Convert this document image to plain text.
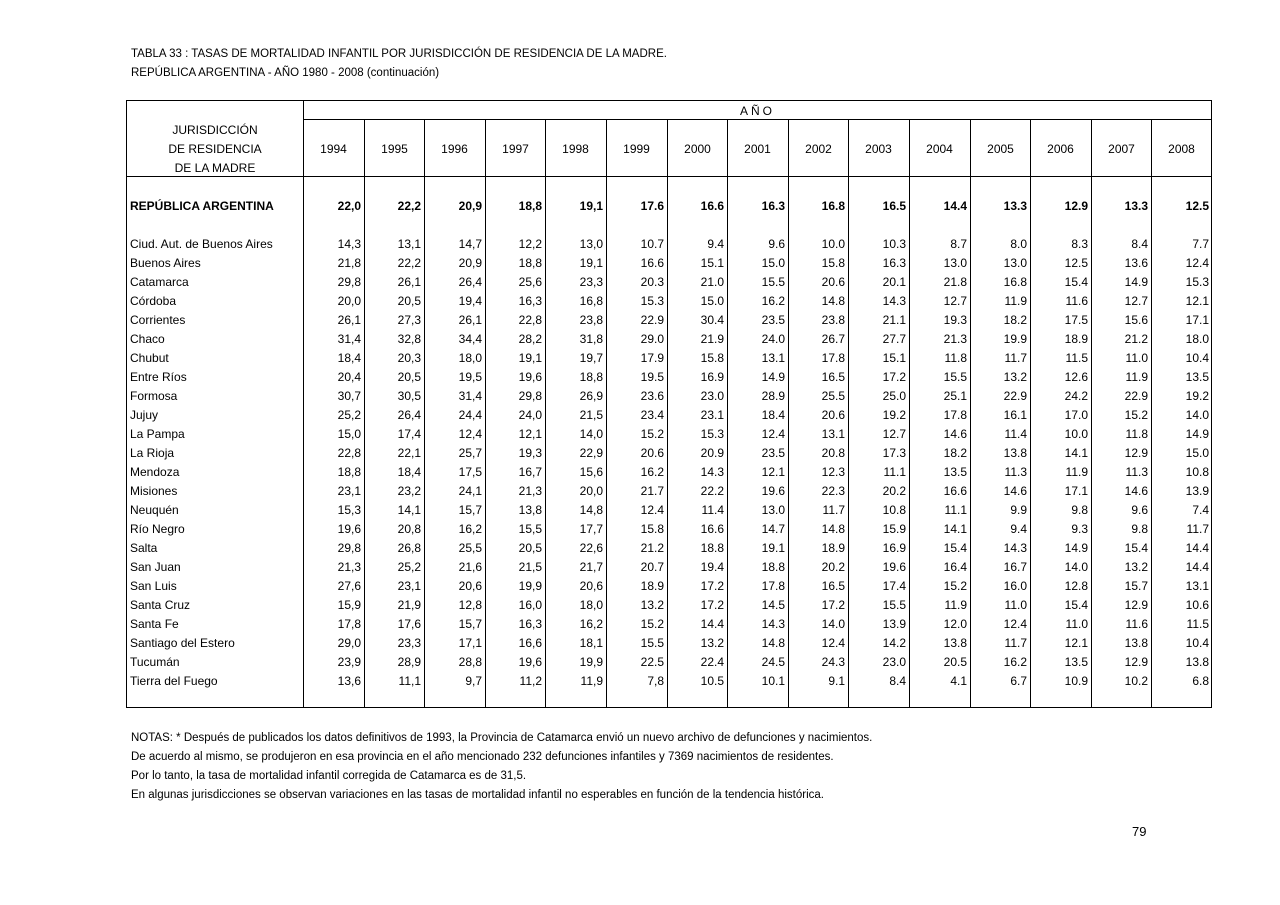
TABLA 33 : TASAS DE MORTALIDAD INFANTIL POR JURISDICCIÓN DE RESIDENCIA DE LA MADRE.
REPÚBLICA ARGENTINA - AÑO 1980 - 2008 (continuación)
AÑO
JURISDICCIÓN
DE RESIDENCIA
DE LA MADRE
NOTAS: * Después de publicados los datos definitivos de 1993, la Provincia de Catamarca envió un nuevo archivo de defunciones y nacimientos.
De acuerdo al mismo, se produjeron en esa provincia en el año mencionado 232 defunciones infantiles y 7369 nacimientos de residentes.
Por lo tanto, la tasa de mortalidad infantil corregida de Catamarca es de 31,5.
En algunas jurisdicciones se observan variaciones en las tasas de mortalidad infantil no esperables en función de la tendencia histórica.
79
1994	1995	1996	1997	1998	1999	2000	2001	2002	2003	2004	2005	2006	2007	2008
REPÚBLICA ARGENTINA	22,0	22,2	20,9	18,8	19,1	17.6	16.6	16.3	16.8	16.5	14.4	13.3	12.9	13.3	12.5
Ciud. Aut. de Buenos Aires	14,3	13,1	14,7	12,2	13,0	10.7	9.4	9.6	10.0	10.3	8.7	8.0	8.3	8.4	7.7
Buenos Aires	21,8	22,2	20,9	18,8	19,1	16.6	15.1	15.0	15.8	16.3	13.0	13.0	12.5	13.6	12.4
Catamarca	29,8	26,1	26,4	25,6	23,3	20.3	21.0	15.5	20.6	20.1	21.8	16.8	15.4	14.9	15.3
Córdoba	20,0	20,5	19,4	16,3	16,8	15.3	15.0	16.2	14.8	14.3	12.7	11.9	11.6	12.7	12.1
Corrientes	26,1	27,3	26,1	22,8	23,8	22.9	30.4	23.5	23.8	21.1	19.3	18.2	17.5	15.6	17.1
Chaco	31,4	32,8	34,4	28,2	31,8	29.0	21.9	24.0	26.7	27.7	21.3	19.9	18.9	21.2	18.0
Chubut	18,4	20,3	18,0	19,1	19,7	17.9	15.8	13.1	17.8	15.1	11.8	11.7	11.5	11.0	10.4
Entre Ríos	20,4	20,5	19,5	19,6	18,8	19.5	16.9	14.9	16.5	17.2	15.5	13.2	12.6	11.9	13.5
Formosa	30,7	30,5	31,4	29,8	26,9	23.6	23.0	28.9	25.5	25.0	25.1	22.9	24.2	22.9	19.2
Jujuy	25,2	26,4	24,4	24,0	21,5	23.4	23.1	18.4	20.6	19.2	17.8	16.1	17.0	15.2	14.0
La Pampa	15,0	17,4	12,4	12,1	14,0	15.2	15.3	12.4	13.1	12.7	14.6	11.4	10.0	11.8	14.9
La Rioja	22,8	22,1	25,7	19,3	22,9	20.6	20.9	23.5	20.8	17.3	18.2	13.8	14.1	12.9	15.0
Mendoza	18,8	18,4	17,5	16,7	15,6	16.2	14.3	12.1	12.3	11.1	13.5	11.3	11.9	11.3	10.8
Misiones	23,1	23,2	24,1	21,3	20,0	21.7	22.2	19.6	22.3	20.2	16.6	14.6	17.1	14.6	13.9
Neuquén	15,3	14,1	15,7	13,8	14,8	12.4	11.4	13.0	11.7	10.8	11.1	9.9	9.8	9.6	7.4
Río Negro	19,6	20,8	16,2	15,5	17,7	15.8	16.6	14.7	14.8	15.9	14.1	9.4	9.3	9.8	11.7
Salta	29,8	26,8	25,5	20,5	22,6	21.2	18.8	19.1	18.9	16.9	15.4	14.3	14.9	15.4	14.4
San Juan	21,3	25,2	21,6	21,5	21,7	20.7	19.4	18.8	20.2	19.6	16.4	16.7	14.0	13.2	14.4
San Luis	27,6	23,1	20,6	19,9	20,6	18.9	17.2	17.8	16.5	17.4	15.2	16.0	12.8	15.7	13.1
Santa Cruz	15,9	21,9	12,8	16,0	18,0	13.2	17.2	14.5	17.2	15.5	11.9	11.0	15.4	12.9	10.6
Santa Fe	17,8	17,6	15,7	16,3	16,2	15.2	14.4	14.3	14.0	13.9	12.0	12.4	11.0	11.6	11.5
Santiago del Estero	29,0	23,3	17,1	16,6	18,1	15.5	13.2	14.8	12.4	14.2	13.8	11.7	12.1	13.8	10.4
Tucumán	23,9	28,9	28,8	19,6	19,9	22.5	22.4	24.5	24.3	23.0	20.5	16.2	13.5	12.9	13.8
Tierra del Fuego	13,6	11,1	9,7	11,2	11,9	7,8	10.5	10.1	9.1	8.4	4.1	6.7	10.9	10.2	6.8
